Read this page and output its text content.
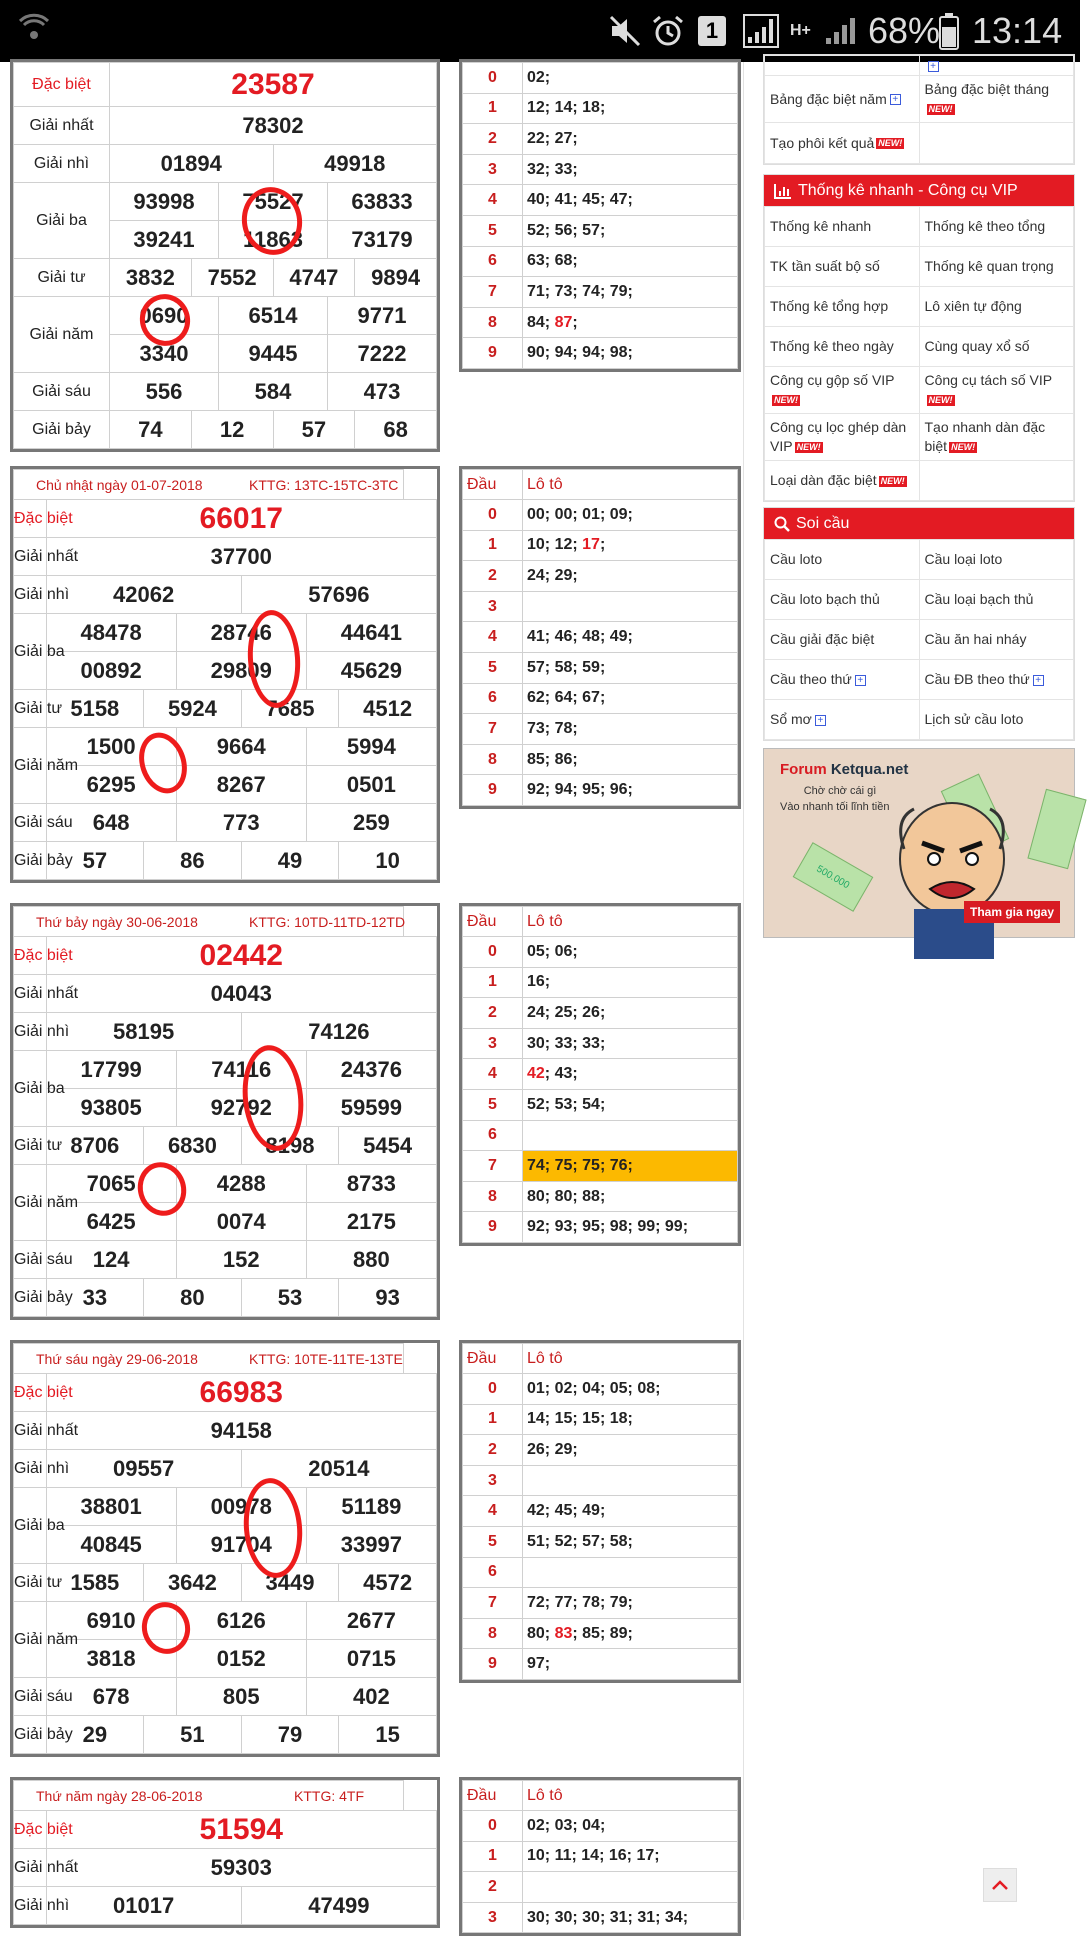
1	H+ 68% 13:14
Đặc biệt	23587					
Giải nhất	78302					
Giải nhì	01894			49918		
Giải ba	93998		75527		63833	
	39241		11863		73179	
Giải tư	3832	7552		4747		9894
Giải năm	0690		6514		9771	
	3340		9445		7222	
Giải sáu	556		584		473	
Giải bảy	74	12		57		68
0	02;
1	12; 14; 18;
2	22; 27;
3	32; 33;
4	40; 41; 45; 47;
5	52; 56; 57;
6	63; 68;
7	71; 73; 74; 79;
8	84; 87;
9	90; 94; 94; 98;
Chủ nhật ngày 01-07-2018 KTTG: 13TC-15TC-3TC						

Đặc biệt	66017					
Giải nhất	37700					
Giải nhì	42062			57696		
Giải ba	48478		28746		44641	
	00892		29809		45629	
Giải tư	5158	5924		7685		4512
Giải năm	1500		9664		5994	
	6295		8267		0501	
Giải sáu	648		773		259	
Giải bảy	57	86		49		10
Đầu	Lô tô
0	00; 00; 01; 09;
1	10; 12; 17;
2	24; 29;
3	
4	41; 46; 48; 49;
5	57; 58; 59;
6	62; 64; 67;
7	73; 78;
8	85; 86;
9	92; 94; 95; 96;
Thứ bảy ngày 30-06-2018 KTTG: 10TD-11TD-12TD						

Đặc biệt	02442					
Giải nhất	04043					
Giải nhì	58195			74126		
Giải ba	17799		74116		24376	
	93805		92792		59599	
Giải tư	8706	6830		8198		5454
Giải năm	7065		4288		8733	
	6425		0074		2175	
Giải sáu	124		152		880	
Giải bảy	33	80		53		93
Đầu	Lô tô
0	05; 06;
1	16;
2	24; 25; 26;
3	30; 33; 33;
4	42; 43;
5	52; 53; 54;
6	
7	74; 75; 75; 76;
8	80; 80; 88;
9	92; 93; 95; 98; 99; 99;
Thứ sáu ngày 29-06-2018 KTTG: 10TE-11TE-13TE						

Đặc biệt	66983					
Giải nhất	94158					
Giải nhì	09557			20514		
Giải ba	38801		00978		51189	
	40845		91704		33997	
Giải tư	1585	3642		3449		4572
Giải năm	6910		6126		2677	
	3818		0152		0715	
Giải sáu	678		805		402	
Giải bảy	29	51		79		15
Đầu	Lô tô
0	01; 02; 04; 05; 08;
1	14; 15; 15; 18;
2	26; 29;
3	
4	42; 45; 49;
5	51; 52; 57; 58;
6	
7	72; 77; 78; 79;
8	80; 83; 85; 89;
9	97;
Thứ năm ngày 28-06-2018 KTTG: 4TF		

Đặc biệt	51594	
Giải nhất	59303	
Giải nhì	01017	47499
Đầu	Lô tô
0	02; 03; 04;
1	10; 11; 14; 16; 17;
2	
3	30; 30; 30; 31; 31; 34;
	+
Bảng đặc biệt năm +	Bảng đặc biệt thángNEW!
Tạo phôi kết quả NEW!	
Thống kê nhanh - Công cụ VIP
Thống kê nhanh	Thống kê theo tổng
TK tần suất bộ số	Thống kê quan trọng
Thống kê tổng hợp	Lô xiên tự động
Thống kê theo ngày	Cùng quay xổ số
Công cụ gộp số VIPNEW!	Công cụ tách số VIPNEW!
Công cụ lọc ghép dàn VIP NEW!	Tạo nhanh dàn đặc biệt NEW!
Loại dàn đặc biệt NEW!	
Soi cầu
Cầu loto	Cầu loại loto
Cầu loto bạch thủ	Cầu loại bạch thủ
Cầu giải đặc biệt	Cầu ăn hai nháy
Cầu theo thứ +	Cầu ĐB theo thứ +
Sổ mơ +	Lịch sử cầu loto
Forum Ketqua.net
Chờ chờ cái gì
Vào nhanh tối lĩnh tiền
500.000
Tham gia ngay
